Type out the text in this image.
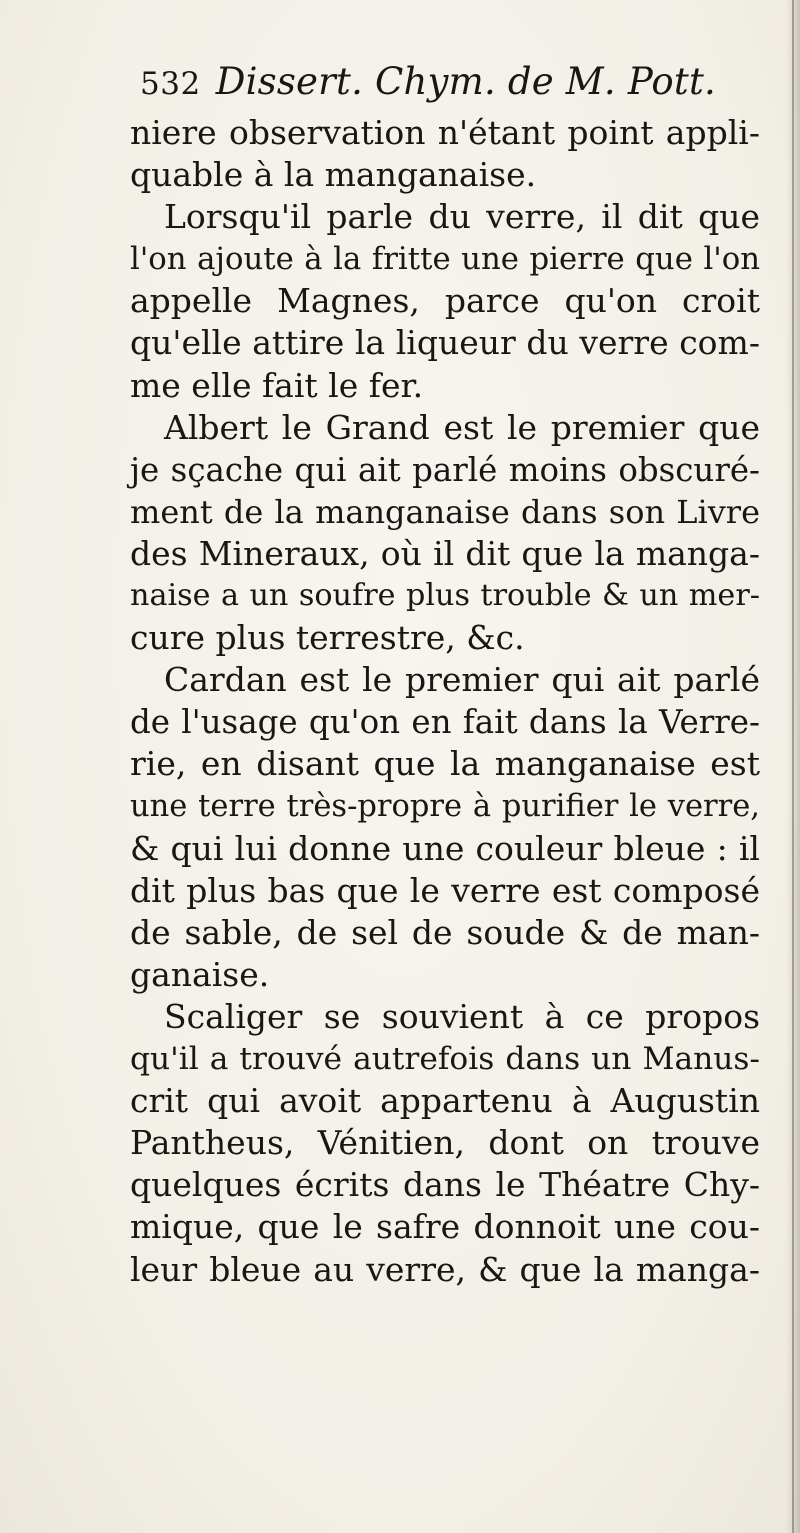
532 Dissert. Chym. de M. Pott.
niere observation n'étant point appli-
quable à la manganaise.
Lorsqu'il parle du verre, il dit que
l'on ajoute à la fritte une pierre que l'on
appelle Magnes, parce qu'on croit
qu'elle attire la liqueur du verre com-
me elle fait le fer.
Albert le Grand est le premier que
je sçache qui ait parlé moins obscuré-
ment de la manganaise dans son Livre
des Mineraux, où il dit que la manga-
naise a un soufre plus trouble & un mer-
cure plus terrestre, &c.
Cardan est le premier qui ait parlé
de l'usage qu'on en fait dans la Verre-
rie, en disant que la manganaise est
une terre très-propre à purifier le verre,
& qui lui donne une couleur bleue : il
dit plus bas que le verre est composé
de sable, de sel de soude & de man-
ganaise.
Scaliger se souvient à ce propos
qu'il a trouvé autrefois dans un Manus-
crit qui avoit appartenu à Augustin
Pantheus, Vénitien, dont on trouve
quelques écrits dans le Théatre Chy-
mique, que le safre donnoit une cou-
leur bleue au verre, & que la manga-
